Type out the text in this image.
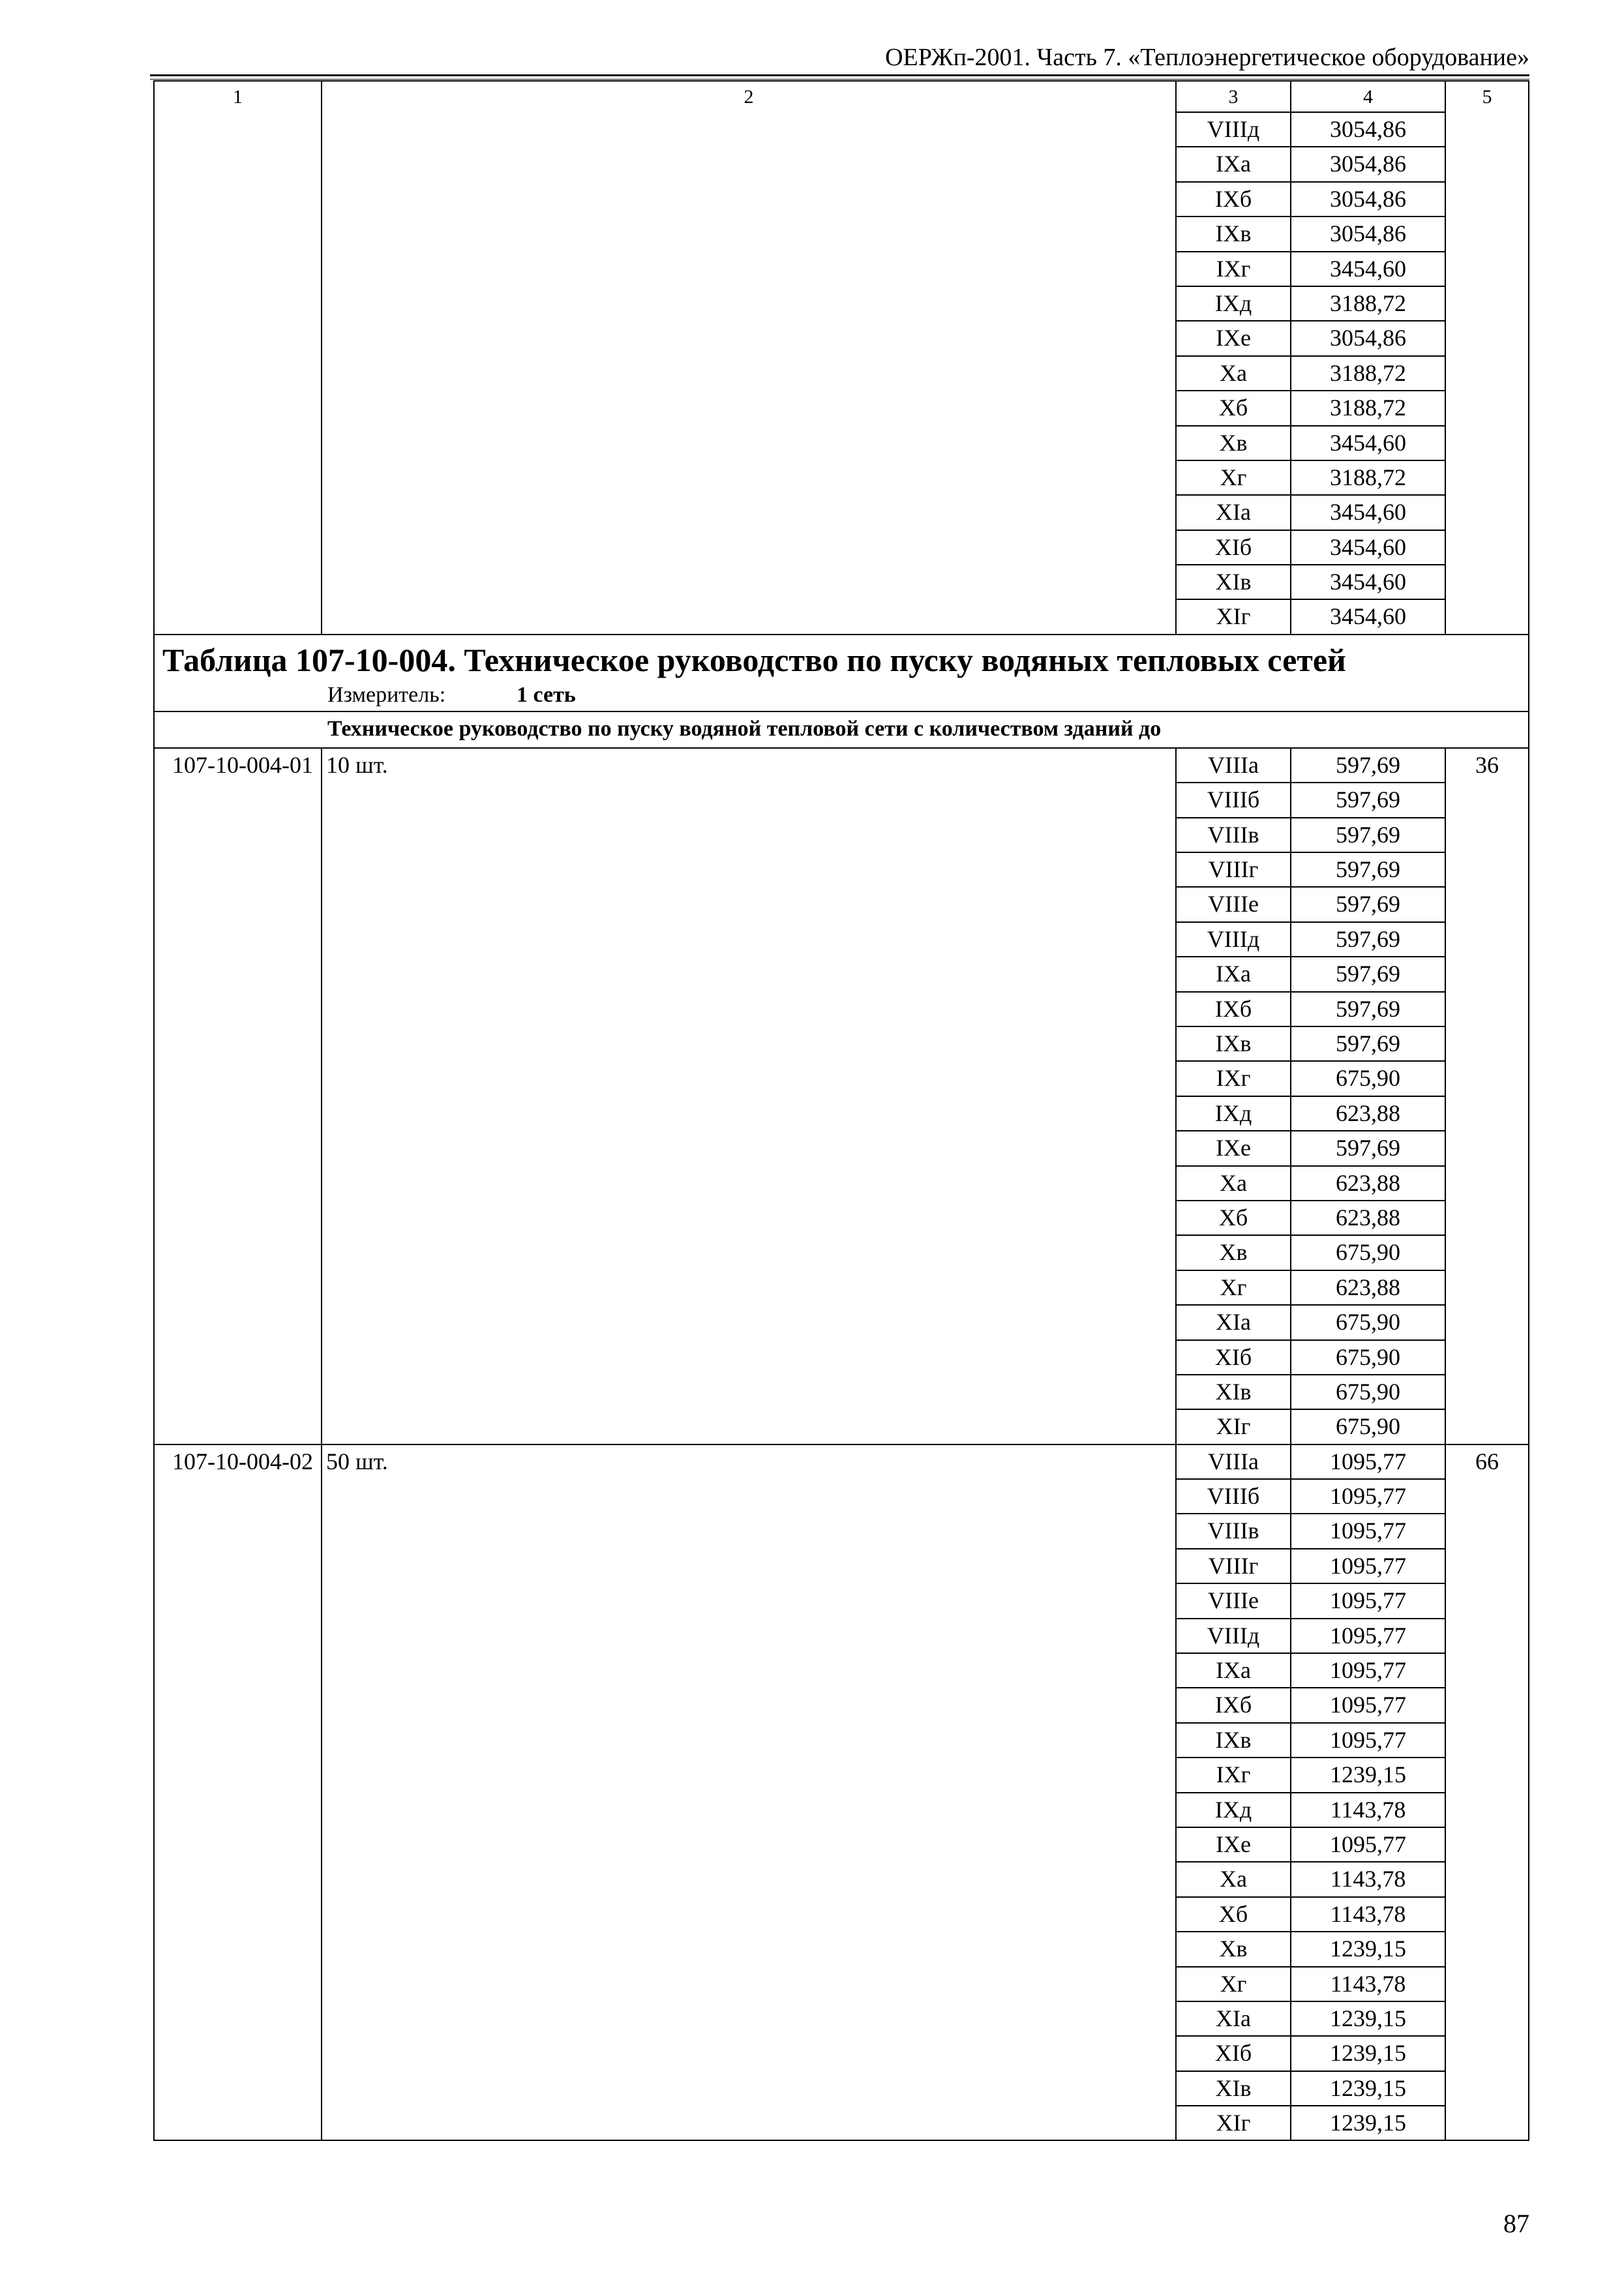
ОЕРЖп-2001. Часть 7. «Теплоэнергетическое оборудование»
1	2	3	4	5
VIIIд	3054,86
IXа	3054,86
IXб	3054,86
IXв	3054,86
IXг	3454,60
IXд	3188,72
IXе	3054,86
Xа	3188,72
Xб	3188,72
Xв	3454,60
Xг	3188,72
XIа	3454,60
XIб	3454,60
XIв	3454,60
XIг	3454,60
Таблица 107-10-004. Техническое руководство по пуску водяных тепловых сетей
Измеритель:	1 сеть
Техническое руководство по пуску водяной тепловой сети с количеством зданий до
107-10-004-01 10 шт.	VIIIа	597,69	36
VIIIб	597,69
VIIIв	597,69
VIIIг	597,69
VIIIе	597,69
VIIIд	597,69
IXа	597,69
IXб	597,69
IXв	597,69
IXг	675,90
IXд	623,88
IXе	597,69
Xа	623,88
Xб	623,88
Xв	675,90
Xг	623,88
XIа	675,90
XIб	675,90
XIв	675,90
XIг	675,90
107-10-004-02 50 шт.	VIIIа	1095,77	66
VIIIб	1095,77
VIIIв	1095,77
VIIIг	1095,77
VIIIе	1095,77
VIIIд	1095,77
IXа	1095,77
IXб	1095,77
IXв	1095,77
IXг	1239,15
IXд	1143,78
IXе	1095,77
Xа	1143,78
Xб	1143,78
Xв	1239,15
Xг	1143,78
XIа	1239,15
XIб	1239,15
XIв	1239,15
XIг	1239,15
87
